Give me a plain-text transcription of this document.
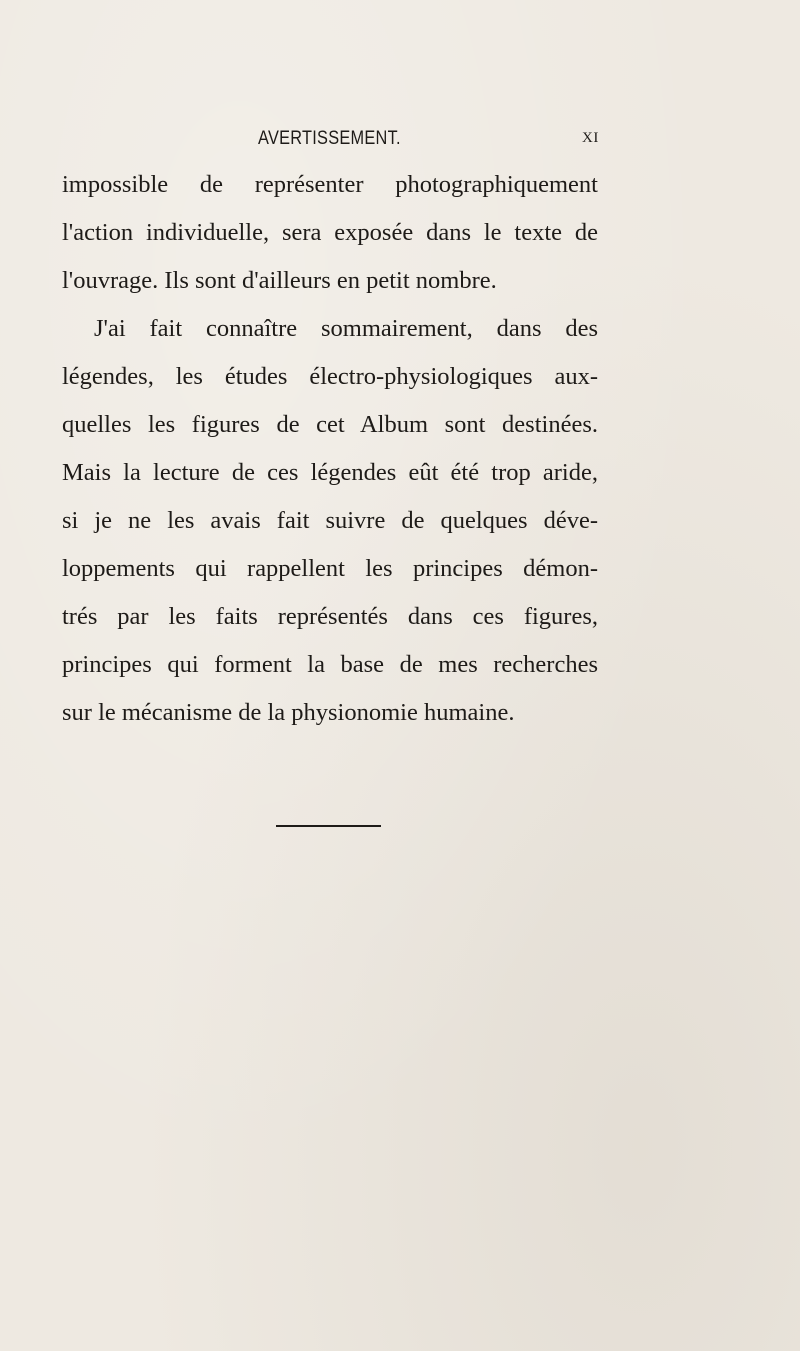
AVERTISSEMENT.	XI
impossible de représenter photographiquement
l'action individuelle, sera exposée dans le texte de
l'ouvrage. Ils sont d'ailleurs en petit nombre.
J'ai fait connaître sommairement, dans des
légendes, les études électro-physiologiques aux-
quelles les figures de cet Album sont destinées.
Mais la lecture de ces légendes eût été trop aride,
si je ne les avais fait suivre de quelques déve-
loppements qui rappellent les principes démon-
trés par les faits représentés dans ces figures,
principes qui forment la base de mes recherches
sur le mécanisme de la physionomie humaine.
